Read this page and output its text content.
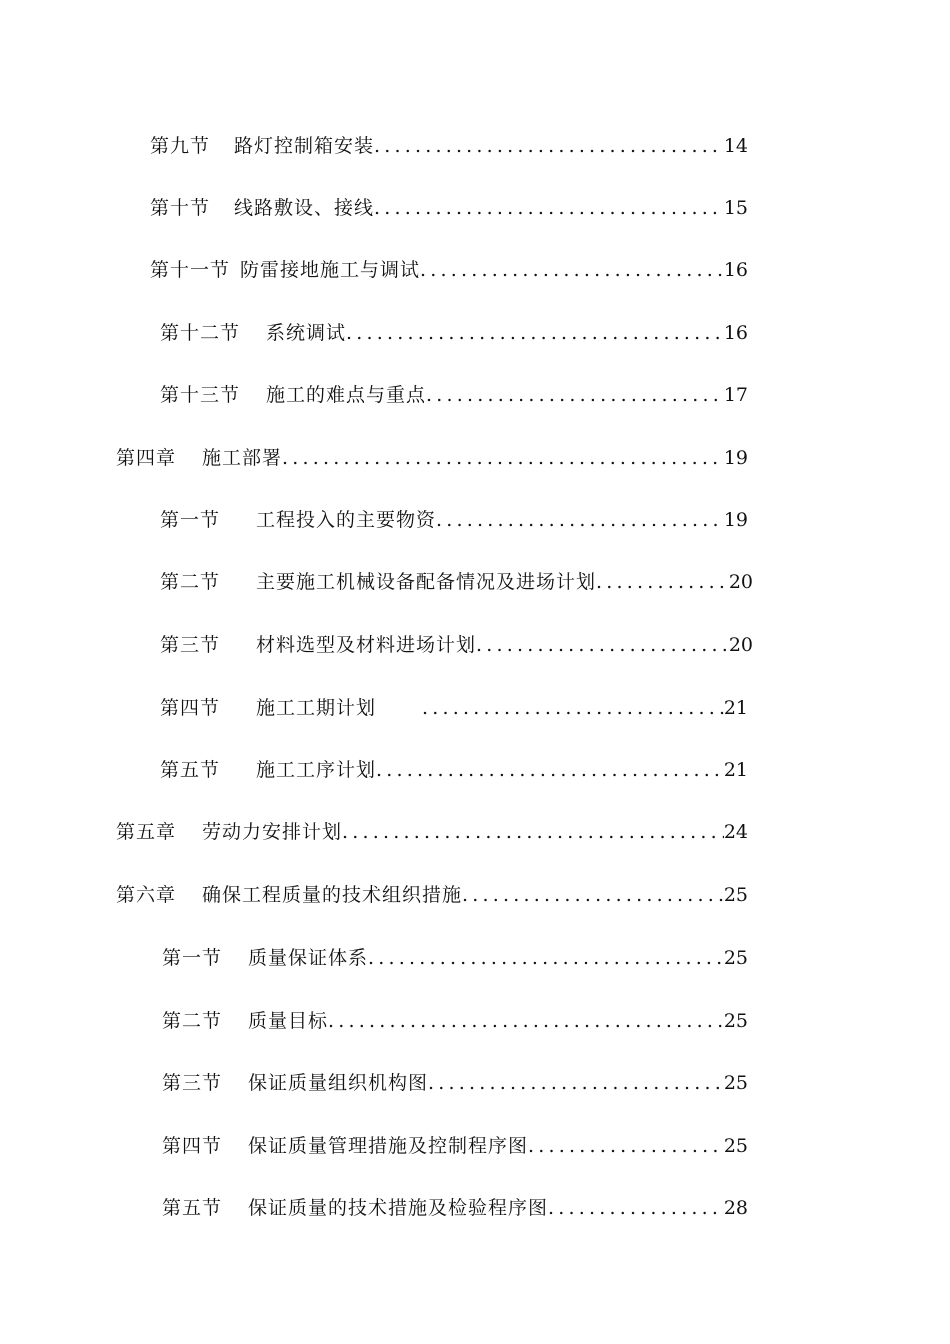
第九节 路灯控制箱安装 .....	14
第十节 线路敷设、接线 .....	15
第十一节 防雷接地施工与调试 .....	16
第十二节 系统调试 .....	16
第十三节 施工的难点与重点 .....	17
第四章 施工部署 .....	19
第一节 工程投入的主要物资 .....	19
第二节 主要施工机械设备配备情况及进场计划 .....	20
第三节 材料选型及材料进场计划 .....	20
第四节 施工工期计划 .....	21
第五节 施工工序计划 .....	21
第五章 劳动力安排计划 .....	24
第六章 确保工程质量的技术组织措施 .....	25
第一节 质量保证体系 .....	25
第二节 质量目标 .....	25
第三节 保证质量组织机构图 .....	25
第四节 保证质量管理措施及控制程序图 .....	25
第五节 保证质量的技术措施及检验程序图 .....	28
